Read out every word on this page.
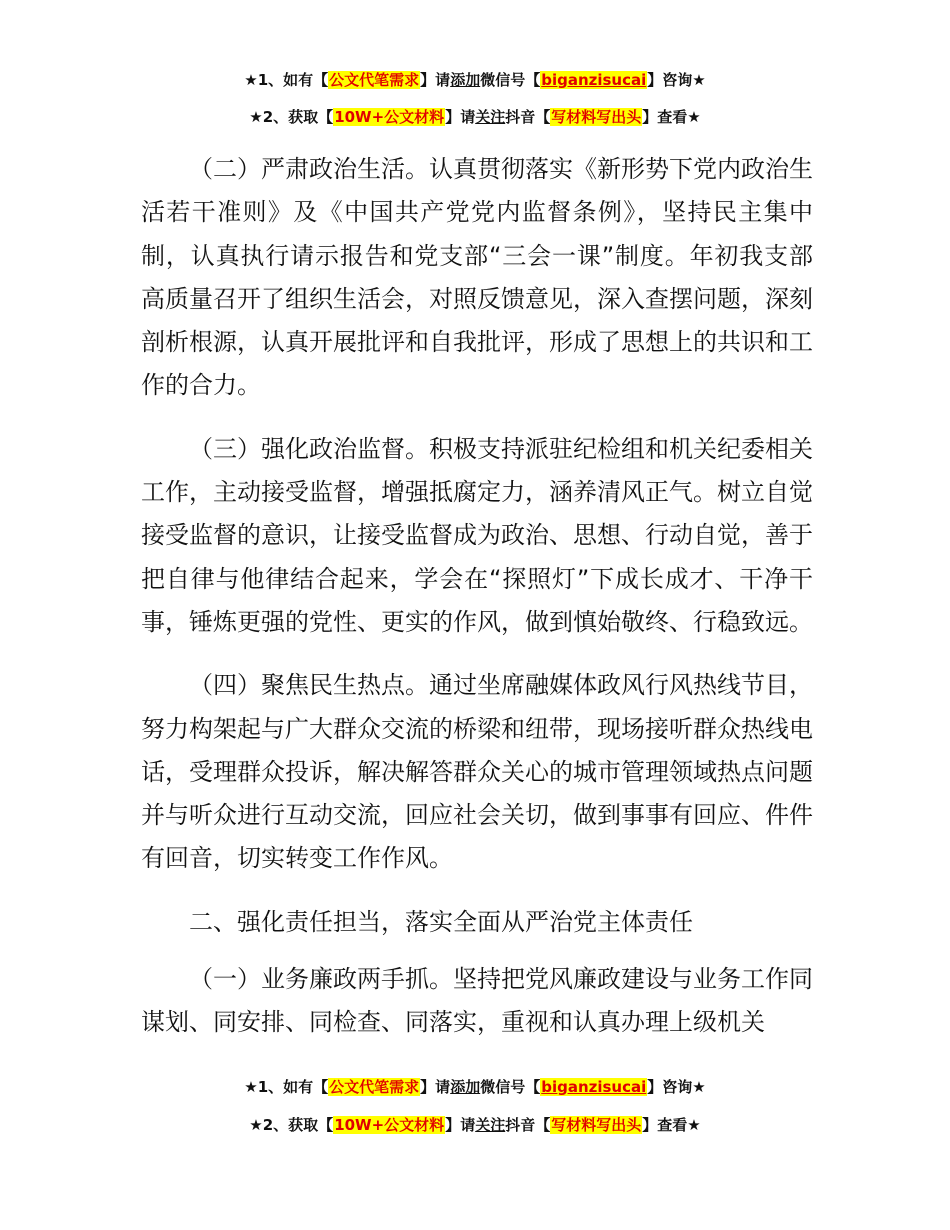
★1、如有【公文代笔需求】请添加微信号【biganzisucai】咨询★
★2、获取【10W+公文材料】请关注抖音【写材料写出头】查看★

（二）严肃政治生活。认真贯彻落实《新形势下党内政治生活若干准则》及《中国共产党党内监督条例》，坚持民主集中制，认真执行请示报告和党支部“三会一课”制度。年初我支部高质量召开了组织生活会，对照反馈意见，深入查摆问题，深刻剖析根源，认真开展批评和自我批评，形成了思想上的共识和工作的合力。

（三）强化政治监督。积极支持派驻纪检组和机关纪委相关工作，主动接受监督，增强抵腐定力，涵养清风正气。树立自觉接受监督的意识，让接受监督成为政治、思想、行动自觉，善于把自律与他律结合起来，学会在“探照灯”下成长成才、干净干事，锤炼更强的党性、更实的作风，做到慎始敬终、行稳致远。

（四）聚焦民生热点。通过坐席融媒体政风行风热线节目，努力构架起与广大群众交流的桥梁和纽带，现场接听群众热线电话，受理群众投诉，解决解答群众关心的城市管理领域热点问题并与听众进行互动交流，回应社会关切，做到事事有回应、件件有回音，切实转变工作作风。

二、强化责任担当，落实全面从严治党主体责任

（一）业务廉政两手抓。坚持把党风廉政建设与业务工作同谋划、同安排、同检查、同落实，重视和认真办理上级机关

★1、如有【公文代笔需求】请添加微信号【biganzisucai】咨询★
★2、获取【10W+公文材料】请关注抖音【写材料写出头】查看★
